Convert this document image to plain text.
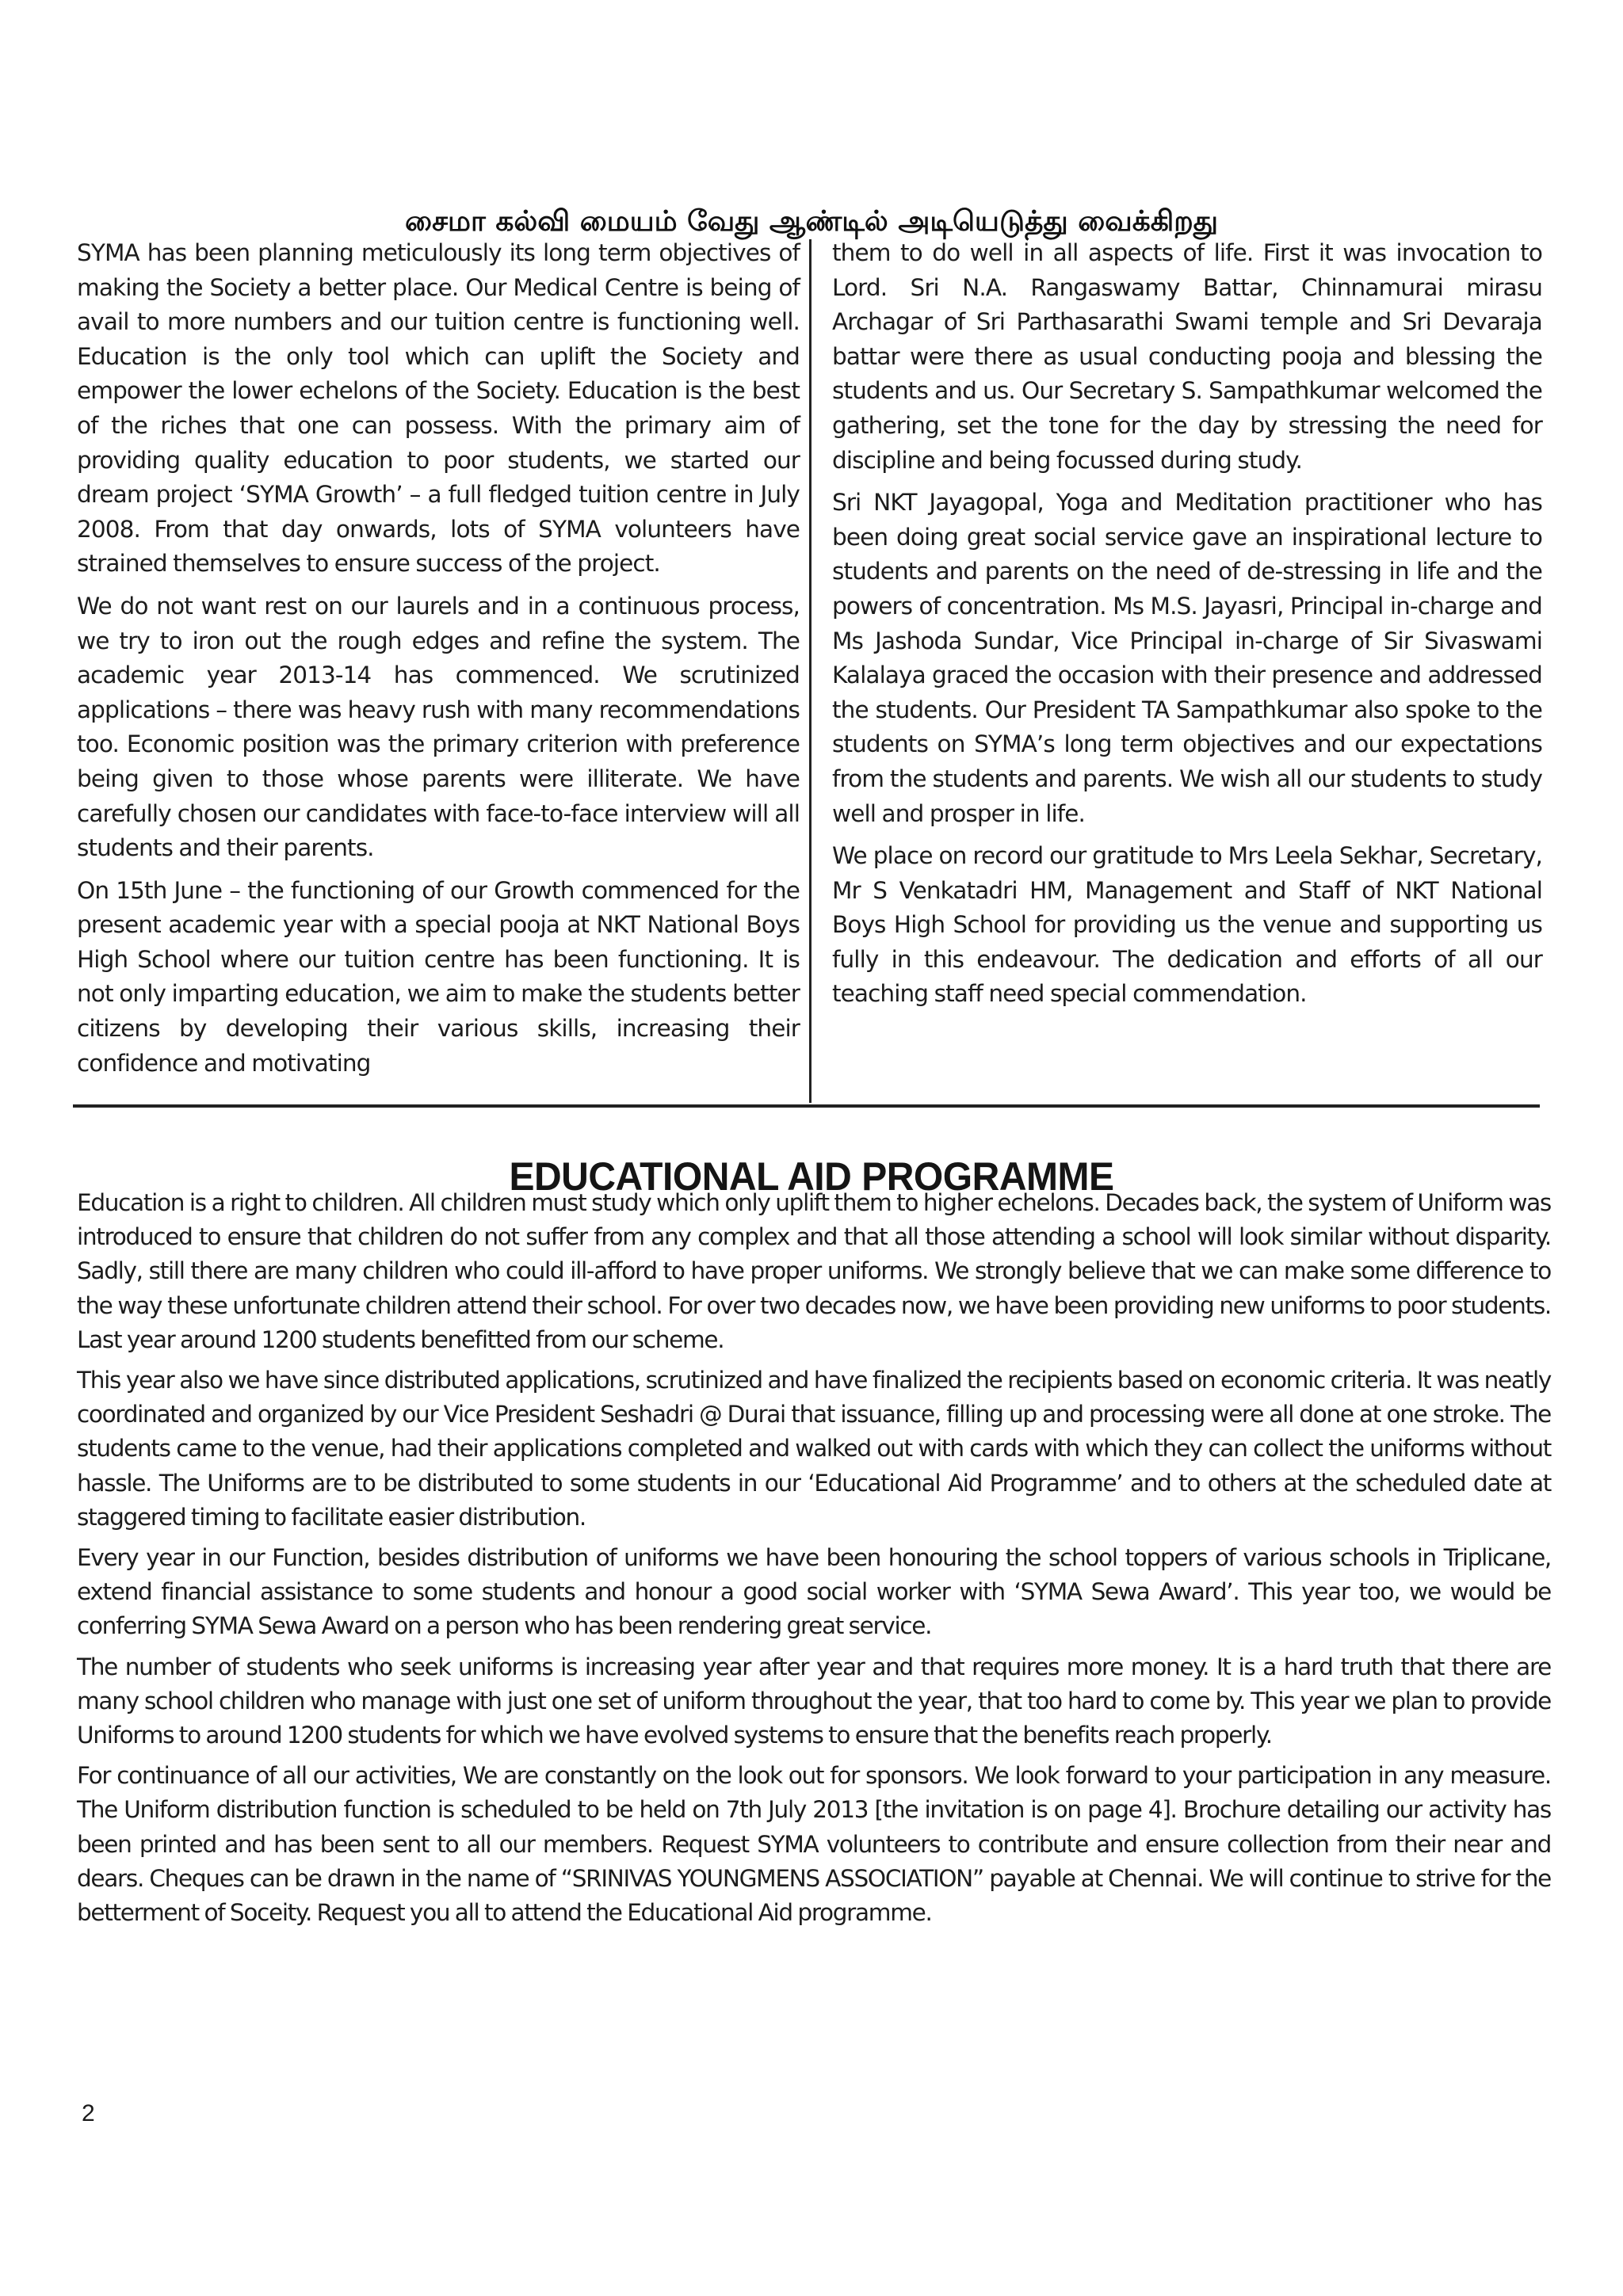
சைமா கல்வி மையம் வேது ஆண்டில் அடியெடுத்து வைக்கிறது

SYMA has been planning meticulously its long term objectives of making the Society a better place. Our Medical Centre is being of avail to more numbers and our tuition centre is functioning well. Education is the only tool which can uplift the Society and empower the lower echelons of the Society. Education is the best of the riches that one can possess. With the primary aim of providing quality education to poor students, we started our dream project ‘SYMA Growth’ – a full fledged tuition centre in July 2008. From that day onwards, lots of SYMA volunteers have strained themselves to ensure success of the project.

We do not want rest on our laurels and in a continuous process, we try to iron out the rough edges and refine the system. The academic year 2013-14 has commenced. We scrutinized applications – there was heavy rush with many recommendations too. Economic position was the primary criterion with preference being given to those whose parents were illiterate. We have carefully chosen our candidates with face-to-face interview will all students and their parents.

On 15th June – the functioning of our Growth commenced for the present academic year with a special pooja at NKT National Boys High School where our tuition centre has been functioning. It is not only imparting education, we aim to make the students better citizens by developing their various skills, increasing their confidence and motivating

them to do well in all aspects of life. First it was invocation to Lord. Sri N.A. Rangaswamy Battar, Chinnamurai mirasu Archagar of Sri Parthasarathi Swami temple and Sri Devaraja battar were there as usual conducting pooja and blessing the students and us. Our Secretary S. Sampathkumar welcomed the gathering, set the tone for the day by stressing the need for discipline and being focussed during study.

Sri NKT Jayagopal, Yoga and Meditation practitioner who has been doing great social service gave an inspirational lecture to students and parents on the need of de-stressing in life and the powers of concentration. Ms M.S. Jayasri, Principal in-charge and Ms Jashoda Sundar, Vice Principal in-charge of Sir Sivaswami Kalalaya graced the occasion with their presence and addressed the students. Our President TA Sampathkumar also spoke to the students on SYMA’s long term objectives and our expectations from the students and parents. We wish all our students to study well and prosper in life.

We place on record our gratitude to Mrs Leela Sekhar, Secretary, Mr S Venkatadri HM, Management and Staff of NKT National Boys High School for providing us the venue and supporting us fully in this endeavour. The dedication and efforts of all our teaching staff need special commendation.

EDUCATIONAL AID PROGRAMME

Education is a right to children. All children must study which only uplift them to higher echelons. Decades back, the system of Uniform was introduced to ensure that children do not suffer from any complex and that all those attending a school will look similar without disparity. Sadly, still there are many children who could ill-afford to have proper uniforms. We strongly believe that we can make some difference to the way these unfortunate children attend their school. For over two decades now, we have been providing new uniforms to poor students. Last year around 1200 students benefitted from our scheme.

This year also we have since distributed applications, scrutinized and have finalized the recipients based on economic criteria. It was neatly coordinated and organized by our Vice President Seshadri @ Durai that issuance, filling up and processing were all done at one stroke. The students came to the venue, had their applications completed and walked out with cards with which they can collect the uniforms without hassle. The Uniforms are to be distributed to some students in our ‘Educational Aid Programme’ and to others at the scheduled date at staggered timing to facilitate easier distribution.

Every year in our Function, besides distribution of uniforms we have been honouring the school toppers of various schools in Triplicane, extend financial assistance to some students and honour a good social worker with ‘SYMA Sewa Award’. This year too, we would be conferring SYMA Sewa Award on a person who has been rendering great service.

The number of students who seek uniforms is increasing year after year and that requires more money. It is a hard truth that there are many school children who manage with just one set of uniform throughout the year, that too hard to come by. This year we plan to provide Uniforms to around 1200 students for which we have evolved systems to ensure that the benefits reach properly.

For continuance of all our activities, We are constantly on the look out for sponsors. We look forward to your participation in any measure. The Uniform distribution function is scheduled to be held on 7th July 2013 [the invitation is on page 4]. Brochure detailing our activity has been printed and has been sent to all our members. Request SYMA volunteers to contribute and ensure collection from their near and dears. Cheques can be drawn in the name of “SRINIVAS YOUNGMENS ASSOCIATION” payable at Chennai. We will continue to strive for the betterment of Soceity. Request you all to attend the Educational Aid programme.

2
